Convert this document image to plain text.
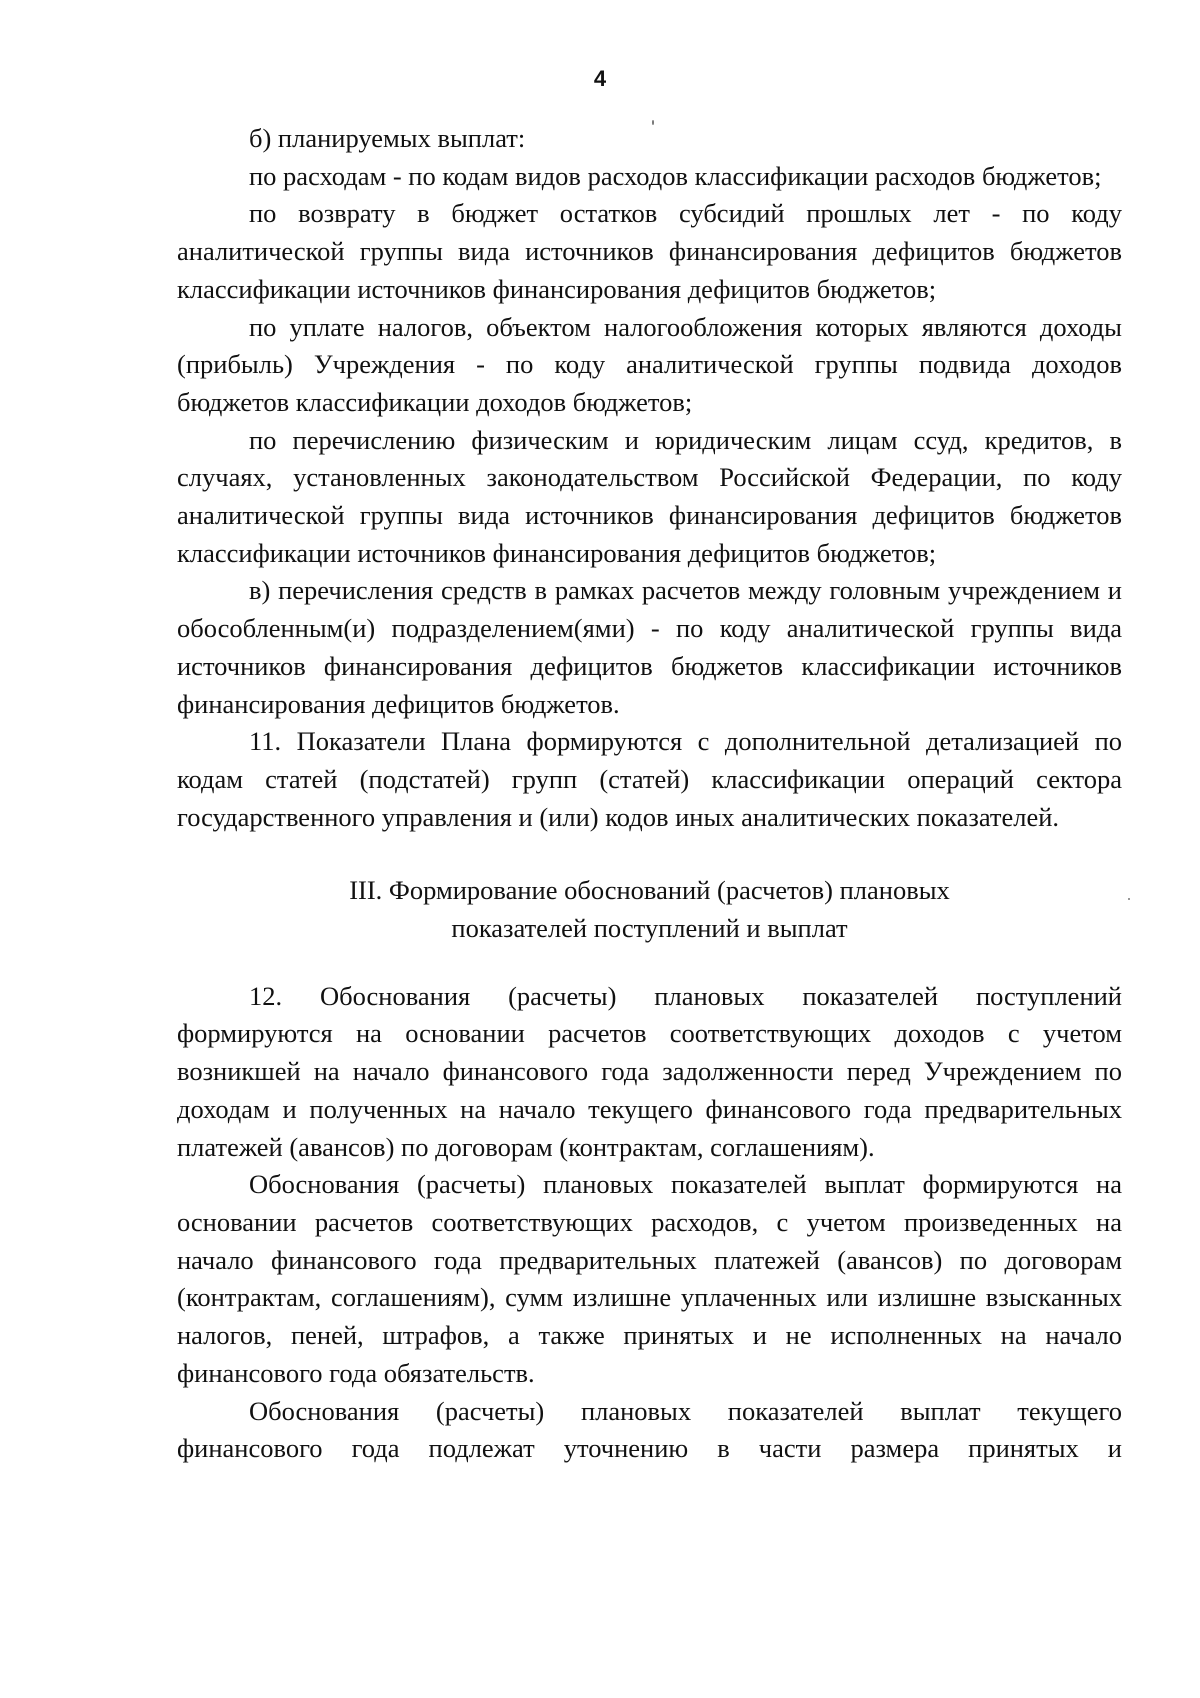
4

б) планируемых выплат:

по расходам - по кодам видов расходов классификации расходов бюджетов;

по возврату в бюджет остатков субсидий прошлых лет - по коду аналитической группы вида источников финансирования дефицитов бюджетов классификации источников финансирования дефицитов бюджетов;

по уплате налогов, объектом налогообложения которых являются доходы (прибыль) Учреждения - по коду аналитической группы подвида доходов бюджетов классификации доходов бюджетов;

по перечислению физическим и юридическим лицам ссуд, кредитов, в случаях, установленных законодательством Российской Федерации, по коду аналитической группы вида источников финансирования дефицитов бюджетов классификации источников финансирования дефицитов бюджетов;

в) перечисления средств в рамках расчетов между головным учреждением и обособленным(и) подразделением(ями) - по коду аналитической группы вида источников финансирования дефицитов бюджетов классификации источников финансирования дефицитов бюджетов.

11. Показатели Плана формируются с дополнительной детализацией по кодам статей (подстатей) групп (статей) классификации операций сектора государственного управления и (или) кодов иных аналитических показателей.

III. Формирование обоснований (расчетов) плановых
показателей поступлений и выплат

12. Обоснования (расчеты) плановых показателей поступлений формируются на основании расчетов соответствующих доходов с учетом возникшей на начало финансового года задолженности перед Учреждением по доходам и полученных на начало текущего финансового года предварительных платежей (авансов) по договорам (контрактам, соглашениям).

Обоснования (расчеты) плановых показателей выплат формируются на основании расчетов соответствующих расходов, с учетом произведенных на начало финансового года предварительных платежей (авансов) по договорам (контрактам, соглашениям), сумм излишне уплаченных или излишне взысканных налогов, пеней, штрафов, а также принятых и не исполненных на начало финансового года обязательств.

Обоснования (расчеты) плановых показателей выплат текущего финансового года подлежат уточнению в части размера принятых и
